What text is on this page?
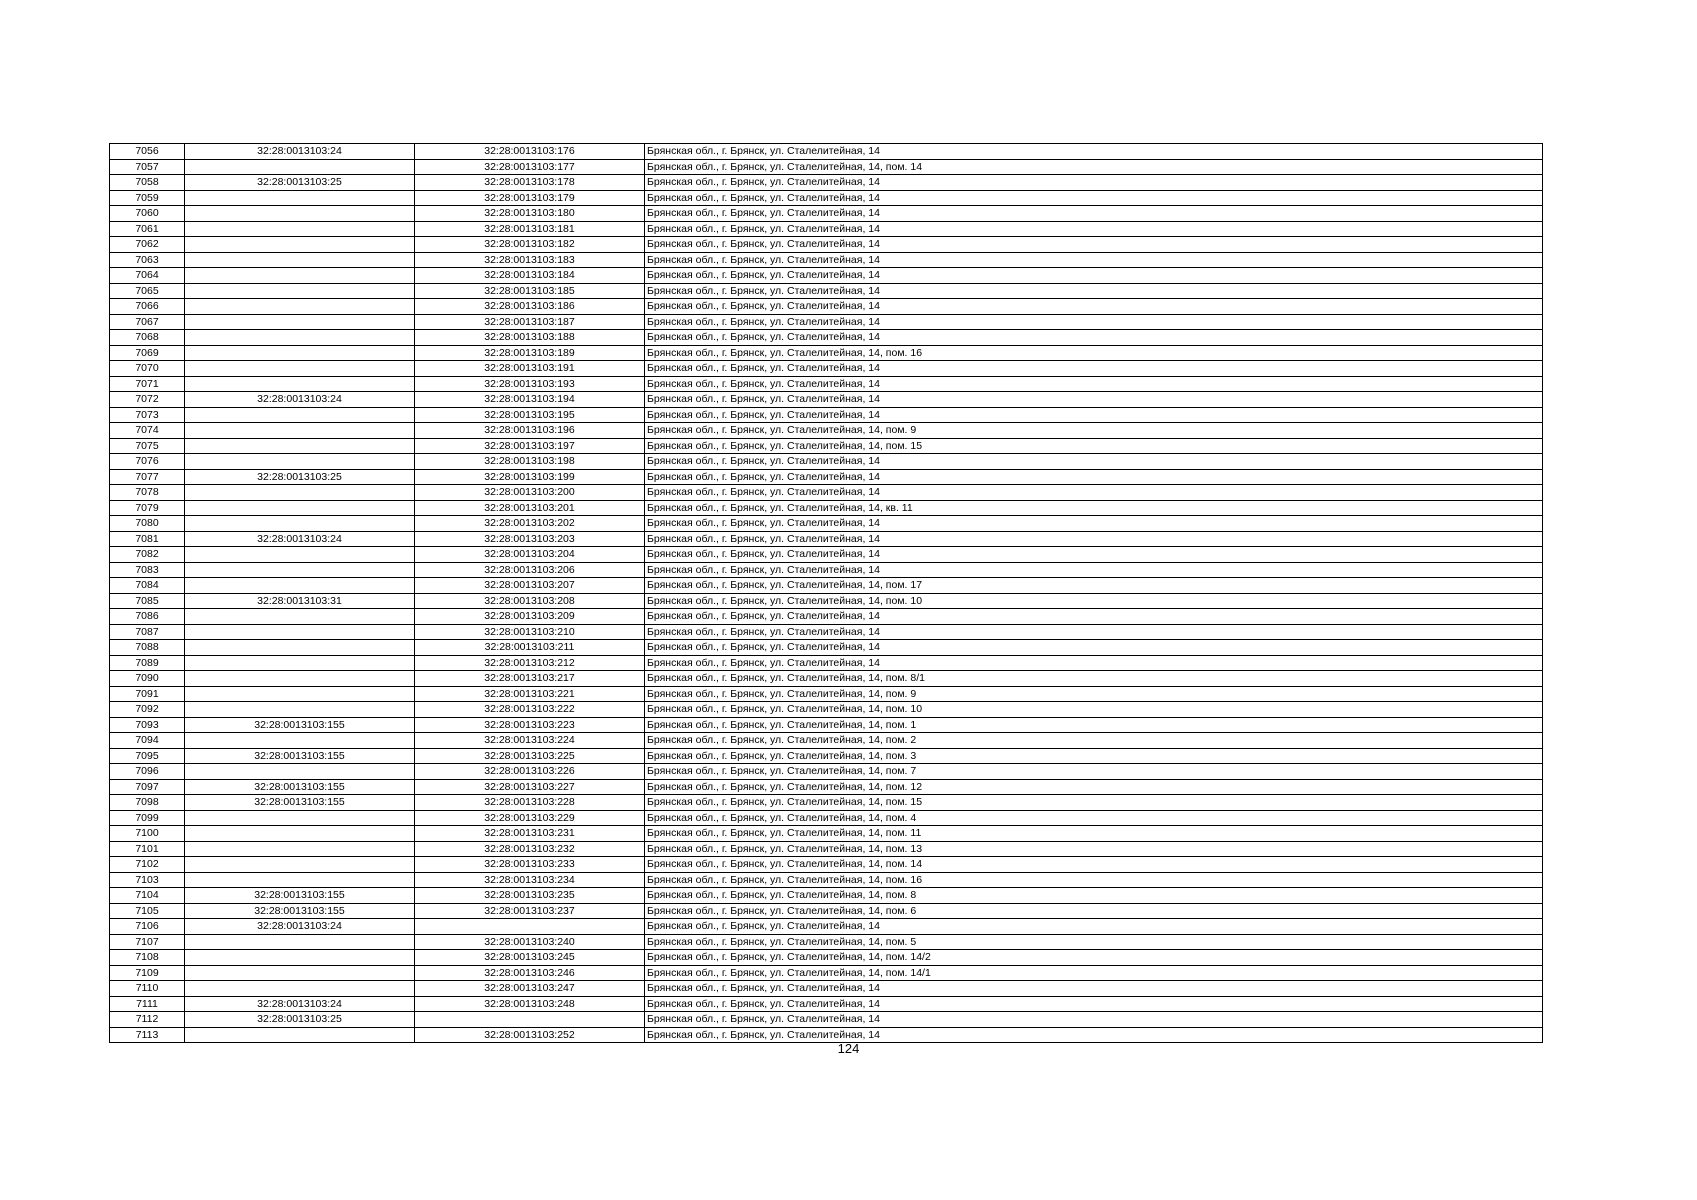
7056	32:28:0013103:24	32:28:0013103:176	Брянская обл., г. Брянск, ул. Сталелитейная, 14
7057		32:28:0013103:177	Брянская обл., г. Брянск, ул. Сталелитейная, 14, пом. 14
7058	32:28:0013103:25	32:28:0013103:178	Брянская обл., г. Брянск, ул. Сталелитейная, 14
7059		32:28:0013103:179	Брянская обл., г. Брянск, ул. Сталелитейная, 14
7060		32:28:0013103:180	Брянская обл., г. Брянск, ул. Сталелитейная, 14
7061		32:28:0013103:181	Брянская обл., г. Брянск, ул. Сталелитейная, 14
7062		32:28:0013103:182	Брянская обл., г. Брянск, ул. Сталелитейная, 14
7063		32:28:0013103:183	Брянская обл., г. Брянск, ул. Сталелитейная, 14
7064		32:28:0013103:184	Брянская обл., г. Брянск, ул. Сталелитейная, 14
7065		32:28:0013103:185	Брянская обл., г. Брянск, ул. Сталелитейная, 14
7066		32:28:0013103:186	Брянская обл., г. Брянск, ул. Сталелитейная, 14
7067		32:28:0013103:187	Брянская обл., г. Брянск, ул. Сталелитейная, 14
7068		32:28:0013103:188	Брянская обл., г. Брянск, ул. Сталелитейная, 14
7069		32:28:0013103:189	Брянская обл., г. Брянск, ул. Сталелитейная, 14, пом. 16
7070		32:28:0013103:191	Брянская обл., г. Брянск, ул. Сталелитейная, 14
7071		32:28:0013103:193	Брянская обл., г. Брянск, ул. Сталелитейная, 14
7072	32:28:0013103:24	32:28:0013103:194	Брянская обл., г. Брянск, ул. Сталелитейная, 14
7073		32:28:0013103:195	Брянская обл., г. Брянск, ул. Сталелитейная, 14
7074		32:28:0013103:196	Брянская обл., г. Брянск, ул. Сталелитейная, 14, пом. 9
7075		32:28:0013103:197	Брянская обл., г. Брянск, ул. Сталелитейная, 14, пом. 15
7076		32:28:0013103:198	Брянская обл., г. Брянск, ул. Сталелитейная, 14
7077	32:28:0013103:25	32:28:0013103:199	Брянская обл., г. Брянск, ул. Сталелитейная, 14
7078		32:28:0013103:200	Брянская обл., г. Брянск, ул. Сталелитейная, 14
7079		32:28:0013103:201	Брянская обл., г. Брянск, ул. Сталелитейная, 14, кв. 11
7080		32:28:0013103:202	Брянская обл., г. Брянск, ул. Сталелитейная, 14
7081	32:28:0013103:24	32:28:0013103:203	Брянская обл., г. Брянск, ул. Сталелитейная, 14
7082		32:28:0013103:204	Брянская обл., г. Брянск, ул. Сталелитейная, 14
7083		32:28:0013103:206	Брянская обл., г. Брянск, ул. Сталелитейная, 14
7084		32:28:0013103:207	Брянская обл., г. Брянск, ул. Сталелитейная, 14, пом. 17
7085	32:28:0013103:31	32:28:0013103:208	Брянская обл., г. Брянск, ул. Сталелитейная, 14, пом. 10
7086		32:28:0013103:209	Брянская обл., г. Брянск, ул. Сталелитейная, 14
7087		32:28:0013103:210	Брянская обл., г. Брянск, ул. Сталелитейная, 14
7088		32:28:0013103:211	Брянская обл., г. Брянск, ул. Сталелитейная, 14
7089		32:28:0013103:212	Брянская обл., г. Брянск, ул. Сталелитейная, 14
7090		32:28:0013103:217	Брянская обл., г. Брянск, ул. Сталелитейная, 14, пом. 8/1
7091		32:28:0013103:221	Брянская обл., г. Брянск, ул. Сталелитейная, 14, пом. 9
7092		32:28:0013103:222	Брянская обл., г. Брянск, ул. Сталелитейная, 14, пом. 10
7093	32:28:0013103:155	32:28:0013103:223	Брянская обл., г. Брянск, ул. Сталелитейная, 14, пом. 1
7094		32:28:0013103:224	Брянская обл., г. Брянск, ул. Сталелитейная, 14, пом. 2
7095	32:28:0013103:155	32:28:0013103:225	Брянская обл., г. Брянск, ул. Сталелитейная, 14, пом. 3
7096		32:28:0013103:226	Брянская обл., г. Брянск, ул. Сталелитейная, 14, пом. 7
7097	32:28:0013103:155	32:28:0013103:227	Брянская обл., г. Брянск, ул. Сталелитейная, 14, пом. 12
7098	32:28:0013103:155	32:28:0013103:228	Брянская обл., г. Брянск, ул. Сталелитейная, 14, пом. 15
7099		32:28:0013103:229	Брянская обл., г. Брянск, ул. Сталелитейная, 14, пом. 4
7100		32:28:0013103:231	Брянская обл., г. Брянск, ул. Сталелитейная, 14, пом. 11
7101		32:28:0013103:232	Брянская обл., г. Брянск, ул. Сталелитейная, 14, пом. 13
7102		32:28:0013103:233	Брянская обл., г. Брянск, ул. Сталелитейная, 14, пом. 14
7103		32:28:0013103:234	Брянская обл., г. Брянск, ул. Сталелитейная, 14, пом. 16
7104	32:28:0013103:155	32:28:0013103:235	Брянская обл., г. Брянск, ул. Сталелитейная, 14, пом. 8
7105	32:28:0013103:155	32:28:0013103:237	Брянская обл., г. Брянск, ул. Сталелитейная, 14, пом. 6
7106	32:28:0013103:24		Брянская обл., г. Брянск, ул. Сталелитейная, 14
7107		32:28:0013103:240	Брянская обл., г. Брянск, ул. Сталелитейная, 14, пом. 5
7108		32:28:0013103:245	Брянская обл., г. Брянск, ул. Сталелитейная, 14, пом. 14/2
7109		32:28:0013103:246	Брянская обл., г. Брянск, ул. Сталелитейная, 14, пом. 14/1
7110		32:28:0013103:247	Брянская обл., г. Брянск, ул. Сталелитейная, 14
7111	32:28:0013103:24	32:28:0013103:248	Брянская обл., г. Брянск, ул. Сталелитейная, 14
7112	32:28:0013103:25		Брянская обл., г. Брянск, ул. Сталелитейная, 14
7113		32:28:0013103:252	Брянская обл., г. Брянск, ул. Сталелитейная, 14
124
